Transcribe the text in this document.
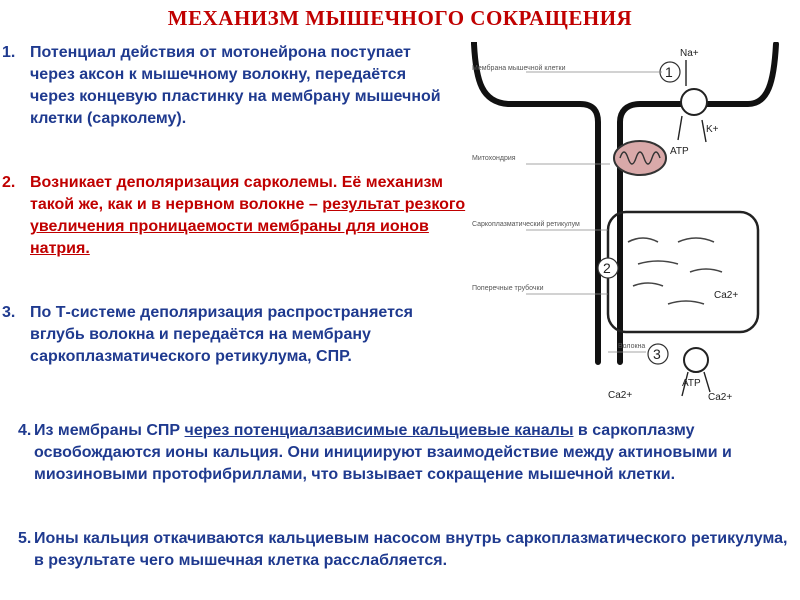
МЕХАНИЗМ МЫШЕЧНОГО СОКРАЩЕНИЯ
1. Потенциал действия от мотонейрона поступает через аксон к мышечному волокну, передаётся через концевую пластинку на мембрану мышечной клетки (сарколему).
2. Возникает деполяризация сарколемы. Её механизм такой же, как и в нервном волокне – результат резкого увеличения проницаемости мембраны для ионов натрия.
3. По Т-системе деполяризация распространяется вглубь волокна и передаётся на мембрану саркоплазматического ретикулума, СПР.
4. Из мембраны СПР через потенциалзависимые кальциевые каналы в саркоплазму освобождаются ионы кальция. Они инициируют взаимодействие между актиновыми и миозиновыми протофибриллами, что вызывает сокращение мышечной клетки.
5. Ионы кальция откачиваются кальциевым насосом внутрь саркоплазматического ретикулума, в результате чего мышечная клетка расслабляется.
1
Na+
K+
ATP
2
Ca2+
3
ATP
Ca2+
Ca2+
Мембрана мышечной клетки
Митохондрия
Саркоплазматический ретикулум
Поперечные трубочки
Волокна
